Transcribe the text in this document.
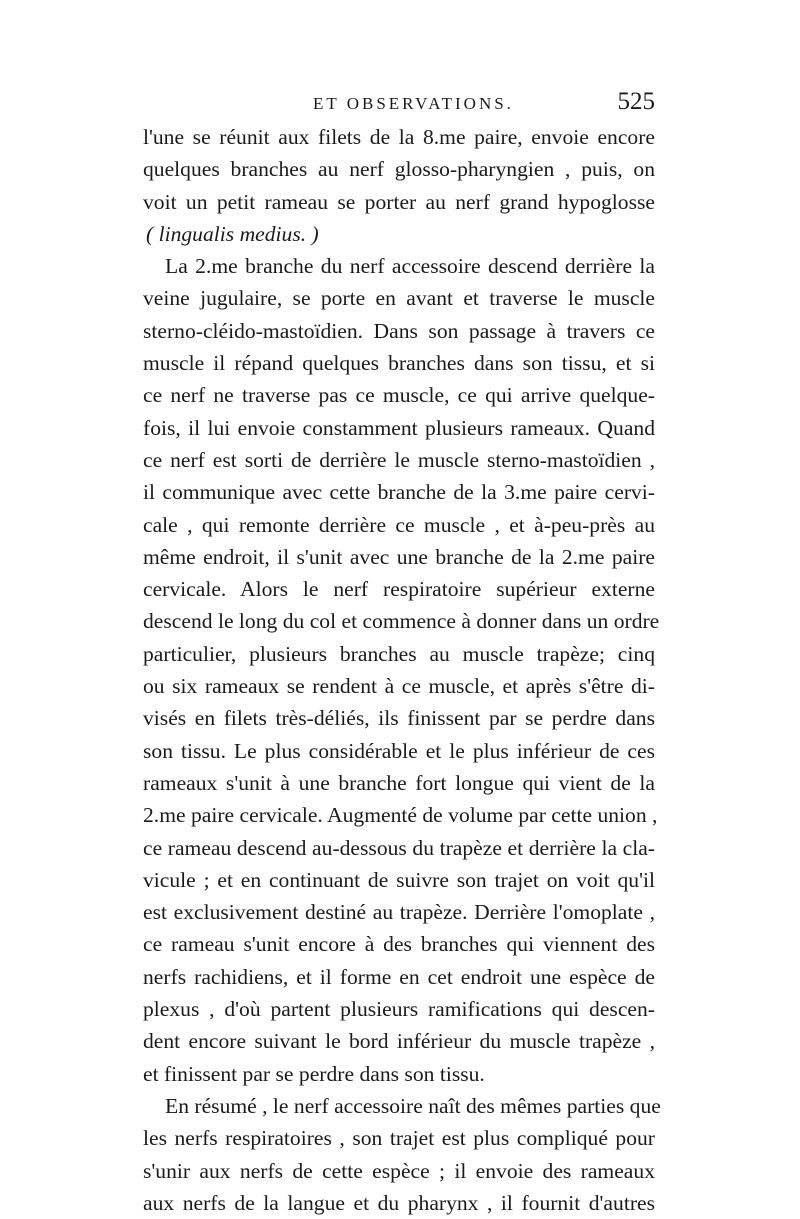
ET OBSERVATIONS.	525
l'une se réunit aux filets de la 8.me paire, envoie encore
quelques branches au nerf glosso-pharyngien , puis, on
voit un petit rameau se porter au nerf grand hypoglosse
( lingualis medius. )
La 2.me branche du nerf accessoire descend derrière la
veine jugulaire, se porte en avant et traverse le muscle
sterno-cléido-mastoïdien. Dans son passage à travers ce
muscle il répand quelques branches dans son tissu, et si
ce nerf ne traverse pas ce muscle, ce qui arrive quelque-
fois, il lui envoie constamment plusieurs rameaux. Quand
ce nerf est sorti de derrière le muscle sterno-mastoïdien ,
il communique avec cette branche de la 3.me paire cervi-
cale , qui remonte derrière ce muscle , et à-peu-près au
même endroit, il s'unit avec une branche de la 2.me paire
cervicale. Alors le nerf respiratoire supérieur externe
descend le long du col et commence à donner dans un ordre
particulier, plusieurs branches au muscle trapèze; cinq
ou six rameaux se rendent à ce muscle, et après s'être di-
visés en filets très-déliés, ils finissent par se perdre dans
son tissu. Le plus considérable et le plus inférieur de ces
rameaux s'unit à une branche fort longue qui vient de la
2.me paire cervicale. Augmenté de volume par cette union ,
ce rameau descend au-dessous du trapèze et derrière la cla-
vicule ; et en continuant de suivre son trajet on voit qu'il
est exclusivement destiné au trapèze. Derrière l'omoplate ,
ce rameau s'unit encore à des branches qui viennent des
nerfs rachidiens, et il forme en cet endroit une espèce de
plexus , d'où partent plusieurs ramifications qui descen-
dent encore suivant le bord inférieur du muscle trapèze ,
et finissent par se perdre dans son tissu.
En résumé , le nerf accessoire naît des mêmes parties que
les nerfs respiratoires , son trajet est plus compliqué pour
s'unir aux nerfs de cette espèce ; il envoie des rameaux
aux nerfs de la langue et du pharynx , il fournit d'autres
